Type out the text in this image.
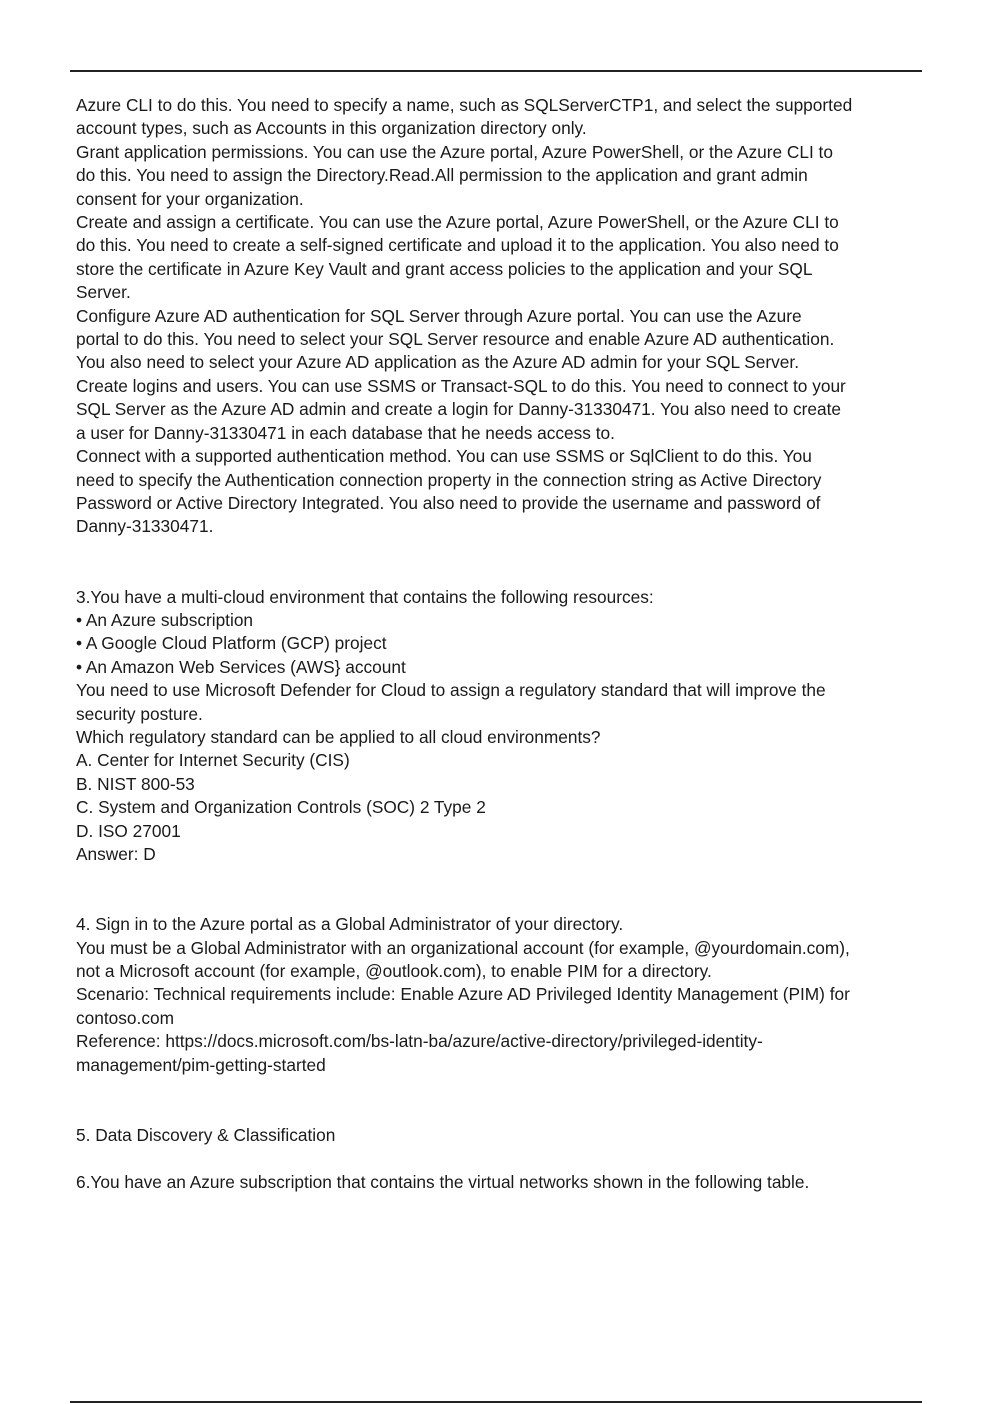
Azure CLI to do this. You need to specify a name, such as SQLServerCTP1, and select the supported

account types, such as Accounts in this organization directory only.

Grant application permissions. You can use the Azure portal, Azure PowerShell, or the Azure CLI to

do this. You need to assign the Directory.Read.All permission to the application and grant admin

consent for your organization.

Create and assign a certificate. You can use the Azure portal, Azure PowerShell, or the Azure CLI to

do this. You need to create a self-signed certificate and upload it to the application. You also need to

store the certificate in Azure Key Vault and grant access policies to the application and your SQL

Server.

Configure Azure AD authentication for SQL Server through Azure portal. You can use the Azure

portal to do this. You need to select your SQL Server resource and enable Azure AD authentication.

You also need to select your Azure AD application as the Azure AD admin for your SQL Server.

Create logins and users. You can use SSMS or Transact-SQL to do this. You need to connect to your

SQL Server as the Azure AD admin and create a login for Danny-31330471. You also need to create

a user for Danny-31330471 in each database that he needs access to.

Connect with a supported authentication method. You can use SSMS or SqlClient to do this. You

need to specify the Authentication connection property in the connection string as Active Directory

Password or Active Directory Integrated. You also need to provide the username and password of

Danny-31330471.

3.You have a multi-cloud environment that contains the following resources:

• An Azure subscription

• A Google Cloud Platform (GCP) project

• An Amazon Web Services (AWS} account

You need to use Microsoft Defender for Cloud to assign a regulatory standard that will improve the

security posture.

Which regulatory standard can be applied to all cloud environments?

A. Center for Internet Security (CIS)

B. NIST 800-53

C. System and Organization Controls (SOC) 2 Type 2

D. ISO 27001

Answer: D

4. Sign in to the Azure portal as a Global Administrator of your directory.

You must be a Global Administrator with an organizational account (for example, @yourdomain.com),

not a Microsoft account (for example, @outlook.com), to enable PIM for a directory.

Scenario: Technical requirements include: Enable Azure AD Privileged Identity Management (PIM) for

contoso.com

Reference: https://docs.microsoft.com/bs-latn-ba/azure/active-directory/privileged-identity-

management/pim-getting-started

5. Data Discovery & Classification

6.You have an Azure subscription that contains the virtual networks shown in the following table.
